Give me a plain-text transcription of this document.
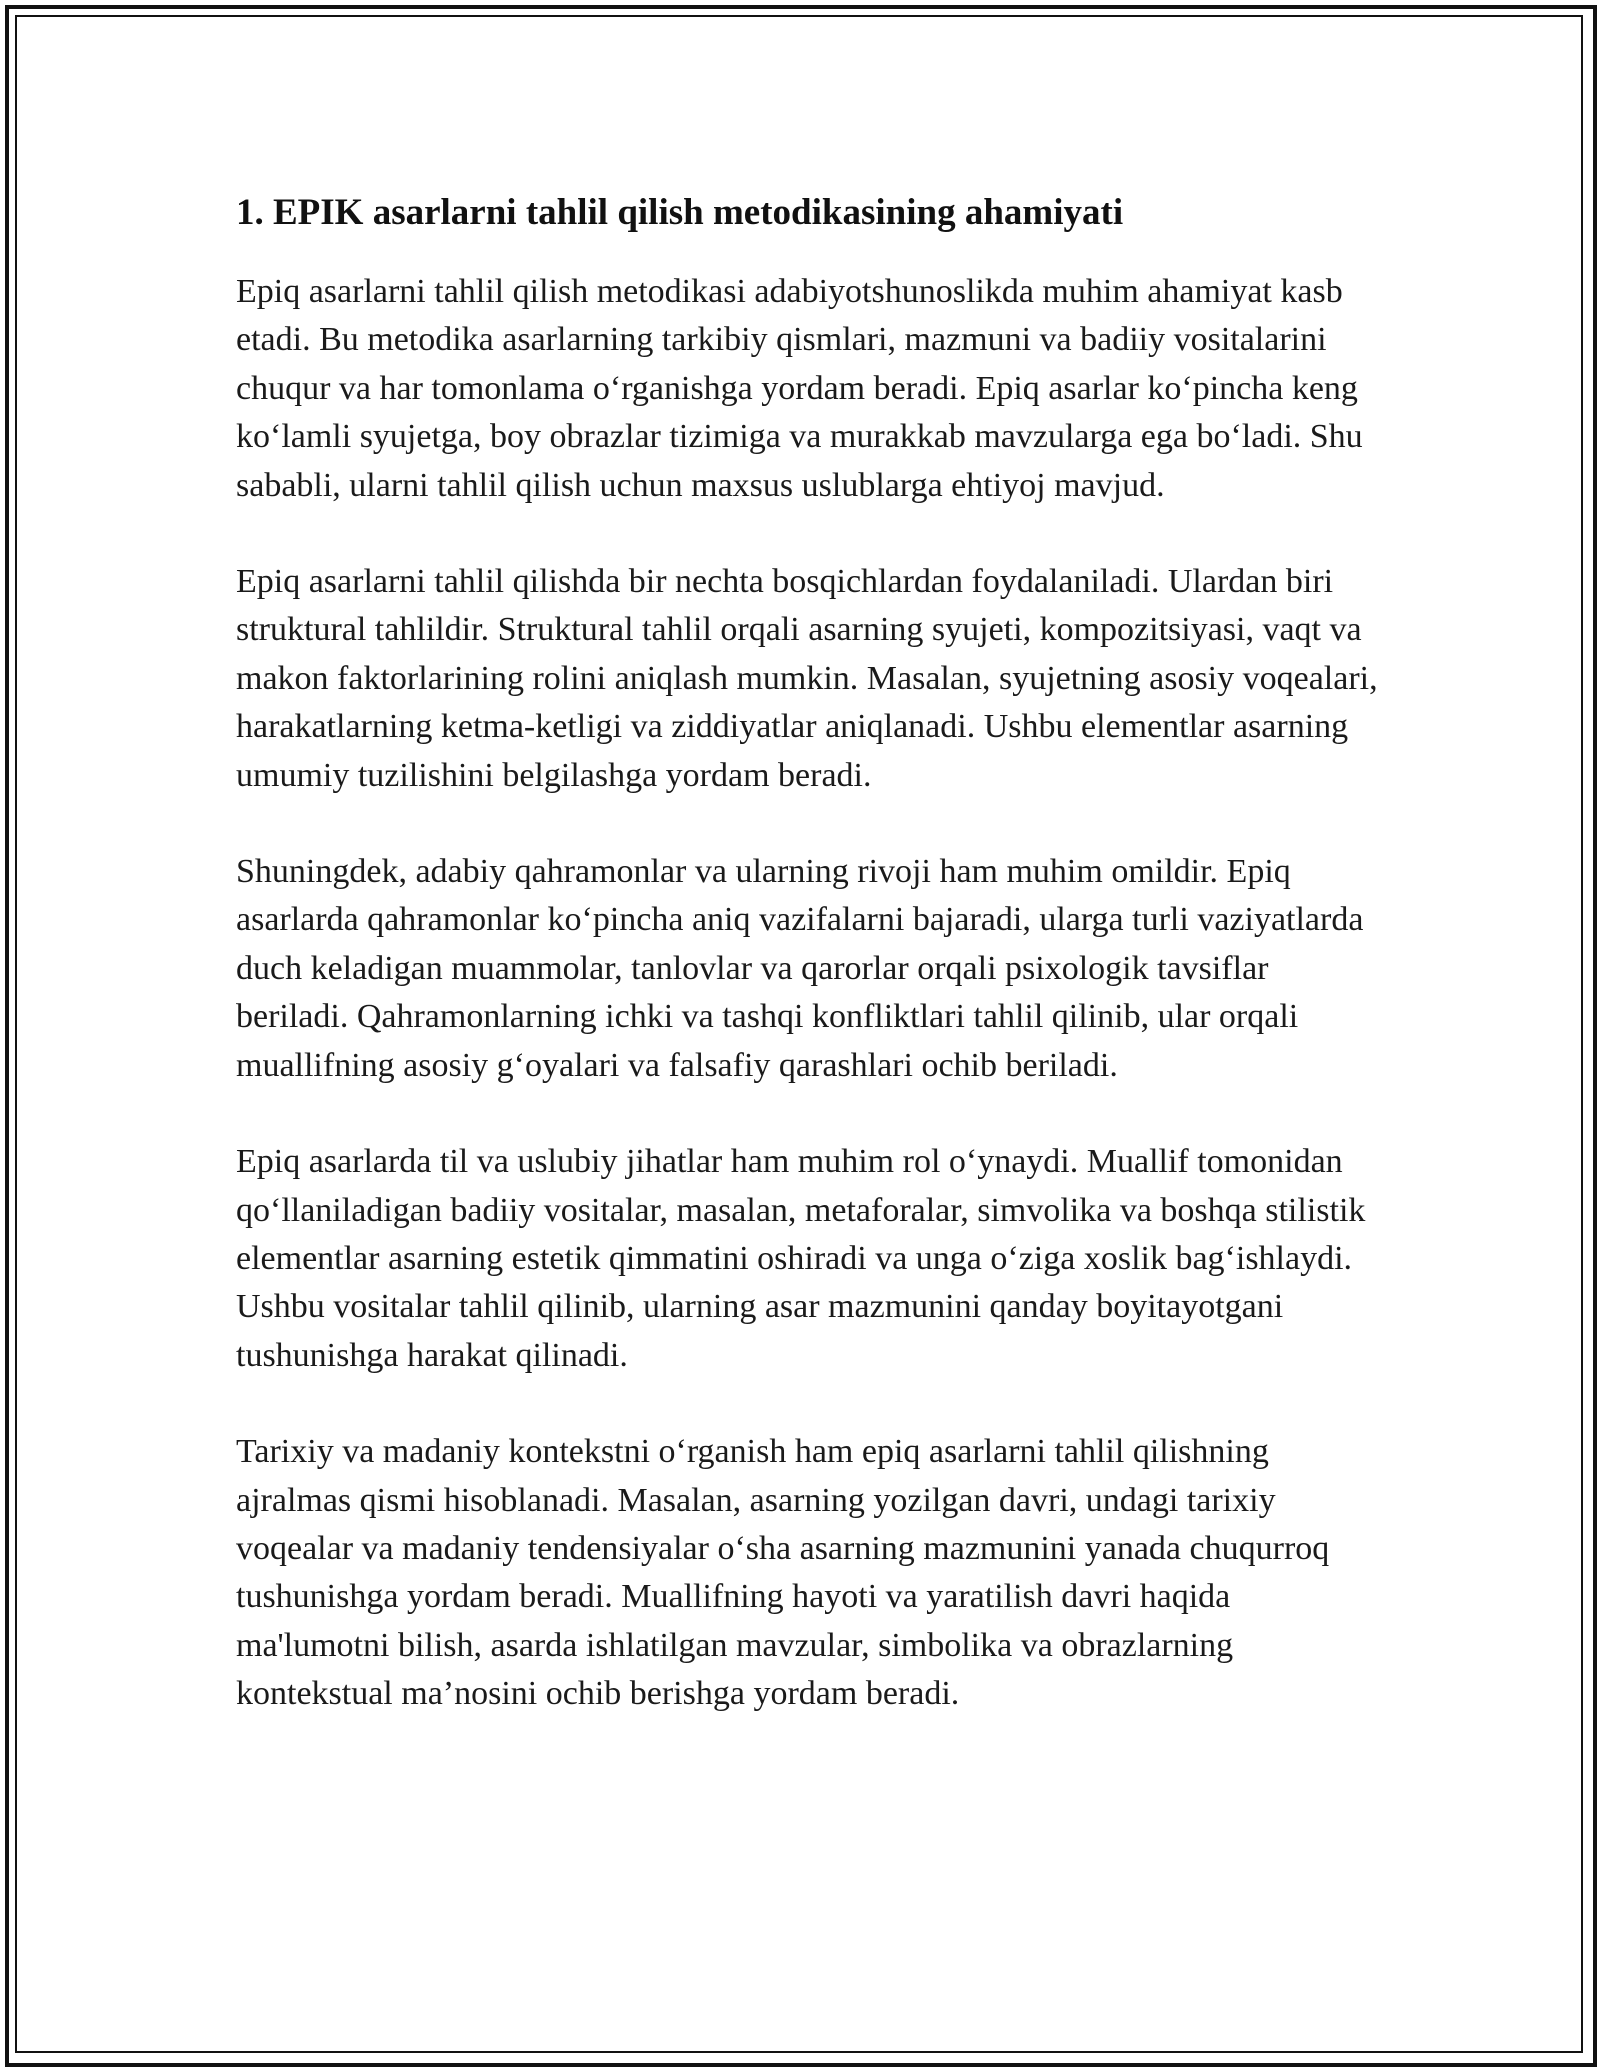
1. EPIK asarlarni tahlil qilish metodikasining ahamiyati

Epiq asarlarni tahlil qilish metodikasi adabiyotshunoslikda muhim ahamiyat kasb etadi. Bu metodika asarlarning tarkibiy qismlari, mazmuni va badiiy vositalarini chuqur va har tomonlama o‘rganishga yordam beradi. Epiq asarlar ko‘pincha keng ko‘lamli syujetga, boy obrazlar tizimiga va murakkab mavzularga ega bo‘ladi. Shu sababli, ularni tahlil qilish uchun maxsus uslublarga ehtiyoj mavjud.

Epiq asarlarni tahlil qilishda bir nechta bosqichlardan foydalaniladi. Ulardan biri struktural tahlildir. Struktural tahlil orqali asarning syujeti, kompozitsiyasi, vaqt va makon faktorlarining rolini aniqlash mumkin. Masalan, syujetning asosiy voqealari, harakatlarning ketma-ketligi va ziddiyatlar aniqlanadi. Ushbu elementlar asarning umumiy tuzilishini belgilashga yordam beradi.

Shuningdek, adabiy qahramonlar va ularning rivoji ham muhim omildir. Epiq asarlarda qahramonlar ko‘pincha aniq vazifalarni bajaradi, ularga turli vaziyatlarda duch keladigan muammolar, tanlovlar va qarorlar orqali psixologik tavsiflar beriladi. Qahramonlarning ichki va tashqi konfliktlari tahlil qilinib, ular orqali muallifning asosiy g‘oyalari va falsafiy qarashlari ochib beriladi.

Epiq asarlarda til va uslubiy jihatlar ham muhim rol o‘ynaydi. Muallif tomonidan qo‘llaniladigan badiiy vositalar, masalan, metaforalar, simvolika va boshqa stilistik elementlar asarning estetik qimmatini oshiradi va unga o‘ziga xoslik bag‘ishlaydi. Ushbu vositalar tahlil qilinib, ularning asar mazmunini qanday boyitayotgani tushunishga harakat qilinadi.

Tarixiy va madaniy kontekstni o‘rganish ham epiq asarlarni tahlil qilishning ajralmas qismi hisoblanadi. Masalan, asarning yozilgan davri, undagi tarixiy voqealar va madaniy tendensiyalar o‘sha asarning mazmunini yanada chuqurroq tushunishga yordam beradi. Muallifning hayoti va yaratilish davri haqida ma'lumotni bilish, asarda ishlatilgan mavzular, simbolika va obrazlarning kontekstual ma’nosini ochib berishga yordam beradi.
